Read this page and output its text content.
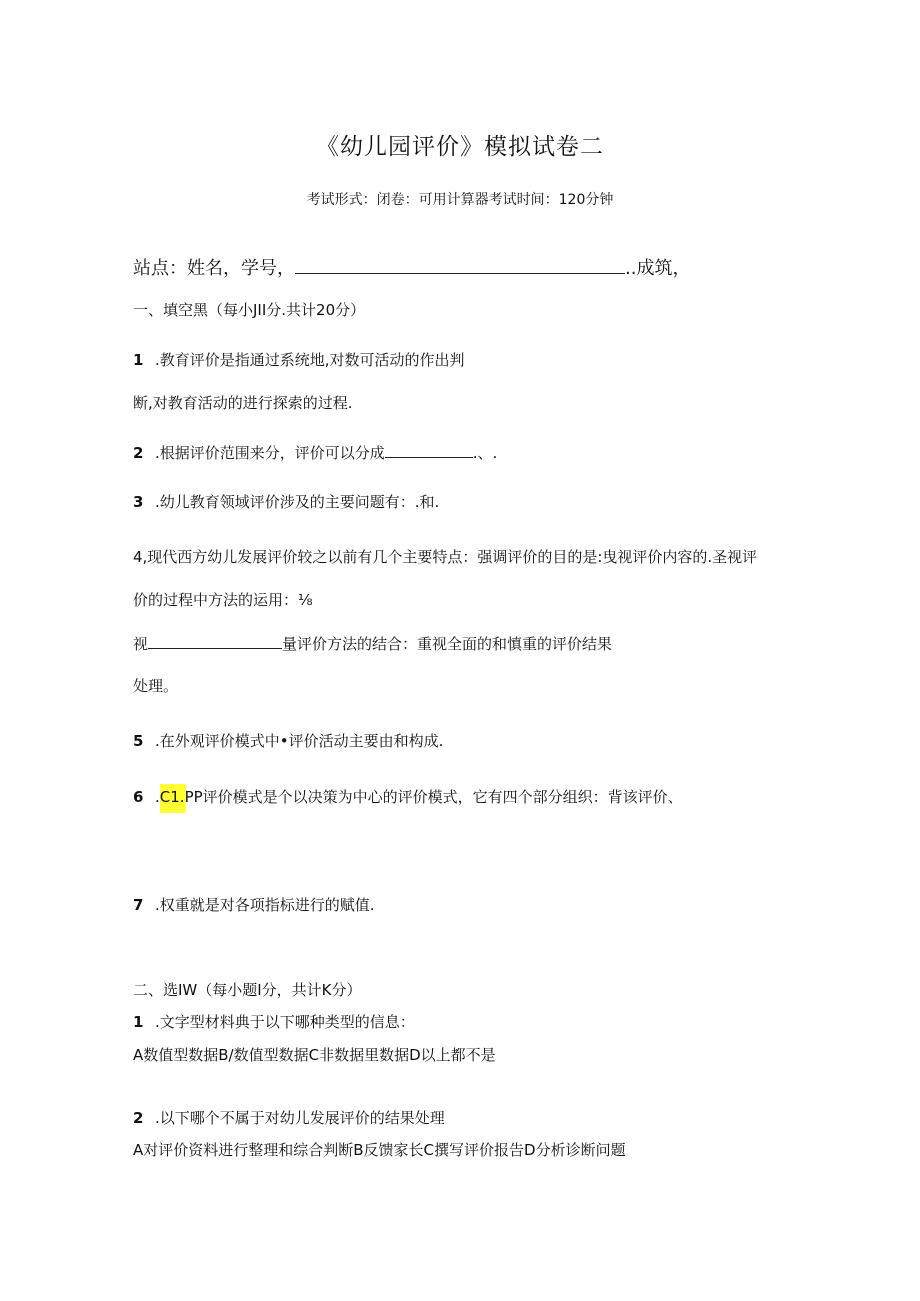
《幼儿园评价》模拟试卷二
考试形式：闭卷：可用计算器考试时间：120分钟
站点：姓名，学号，	..成筑，
一、填空黑（每小JII分.共计20分）
1 .教育评价是指通过系统地,对数可活动的作出判
断,对教育活动的进行探索的过程.
2 .根据评价范围来分，评价可以分成	.、.
3 .幼儿教育领域评价涉及的主要问题有：.和.
4,现代西方幼儿发展评价较之以前有几个主要特点：强调评价的目的是:曳视评价内容的.圣视评
价的过程中方法的运用：⅛
视	量评价方法的结合：重视全面的和慎重的评价结果
处理。
5 .在外观评价模式中•评价活动主要由和构成.
6 .C1.PP评价模式是个以决策为中心的评价模式，它有四个部分组织：背该评价、
7 .权重就是对各项指标进行的赋值.
二、选IW（每小题I分，共计K分）
1 .文字型材料典于以下哪种类型的信息：
A数值型数据B/数值型数据C非数据里数据D以上都不是
2 .以下哪个不属于对幼儿发展评价的结果处理
A对评价资料进行整理和综合判断B反馈家长C撰写评价报告D分析诊断问题
